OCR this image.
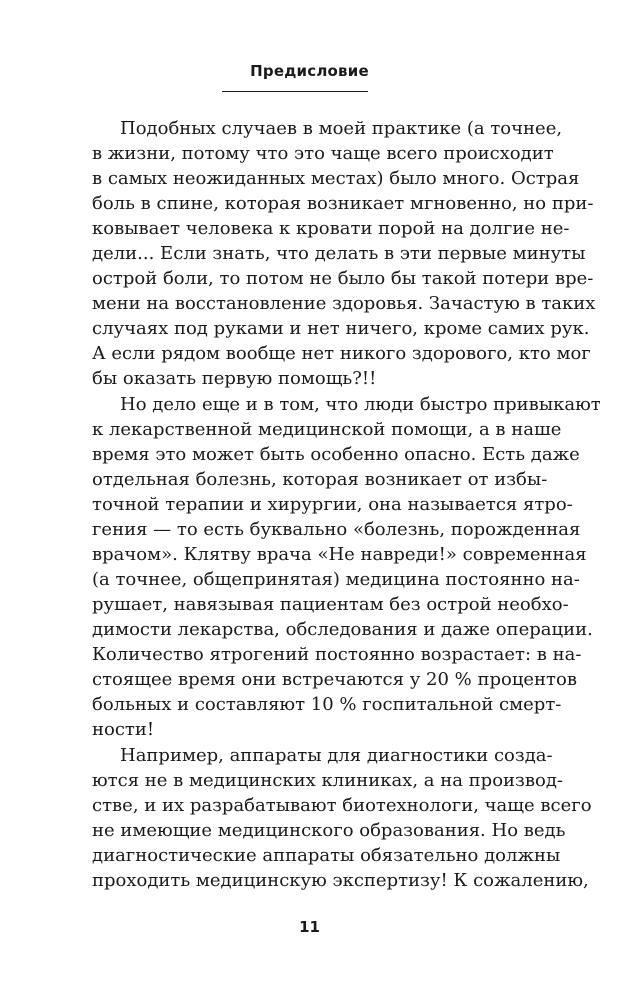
Предисловие
Подобных случаев в моей практике (а точнее,
в жизни, потому что это чаще всего происходит
в самых неожиданных местах) было много. Острая
боль в спине, которая возникает мгновенно, но при-
ковывает человека к кровати порой на долгие не-
дели... Если знать, что делать в эти первые минуты
острой боли, то потом не было бы такой потери вре-
мени на восстановление здоровья. Зачастую в таких
случаях под руками и нет ничего, кроме самих рук.
А если рядом вообще нет никого здорового, кто мог
бы оказать первую помощь?!!
Но дело еще и в том, что люди быстро привыкают
к лекарственной медицинской помощи, а в наше
время это может быть особенно опасно. Есть даже
отдельная болезнь, которая возникает от избы-
точной терапии и хирургии, она называется ятро-
гения — то есть буквально «болезнь, порожденная
врачом». Клятву врача «Не навреди!» современная
(а точнее, общепринятая) медицина постоянно на-
рушает, навязывая пациентам без острой необхо-
димости лекарства, обследования и даже операции.
Количество ятрогений постоянно возрастает: в на-
стоящее время они встречаются у 20 % процентов
больных и составляют 10 % госпитальной смерт-
ности!
Например, аппараты для диагностики созда-
ются не в медицинских клиниках, а на производ-
стве, и их разрабатывают биотехнологи, чаще всего
не имеющие медицинского образования. Но ведь
диагностические аппараты обязательно должны
проходить медицинскую экспертизу! К сожалению,
11
